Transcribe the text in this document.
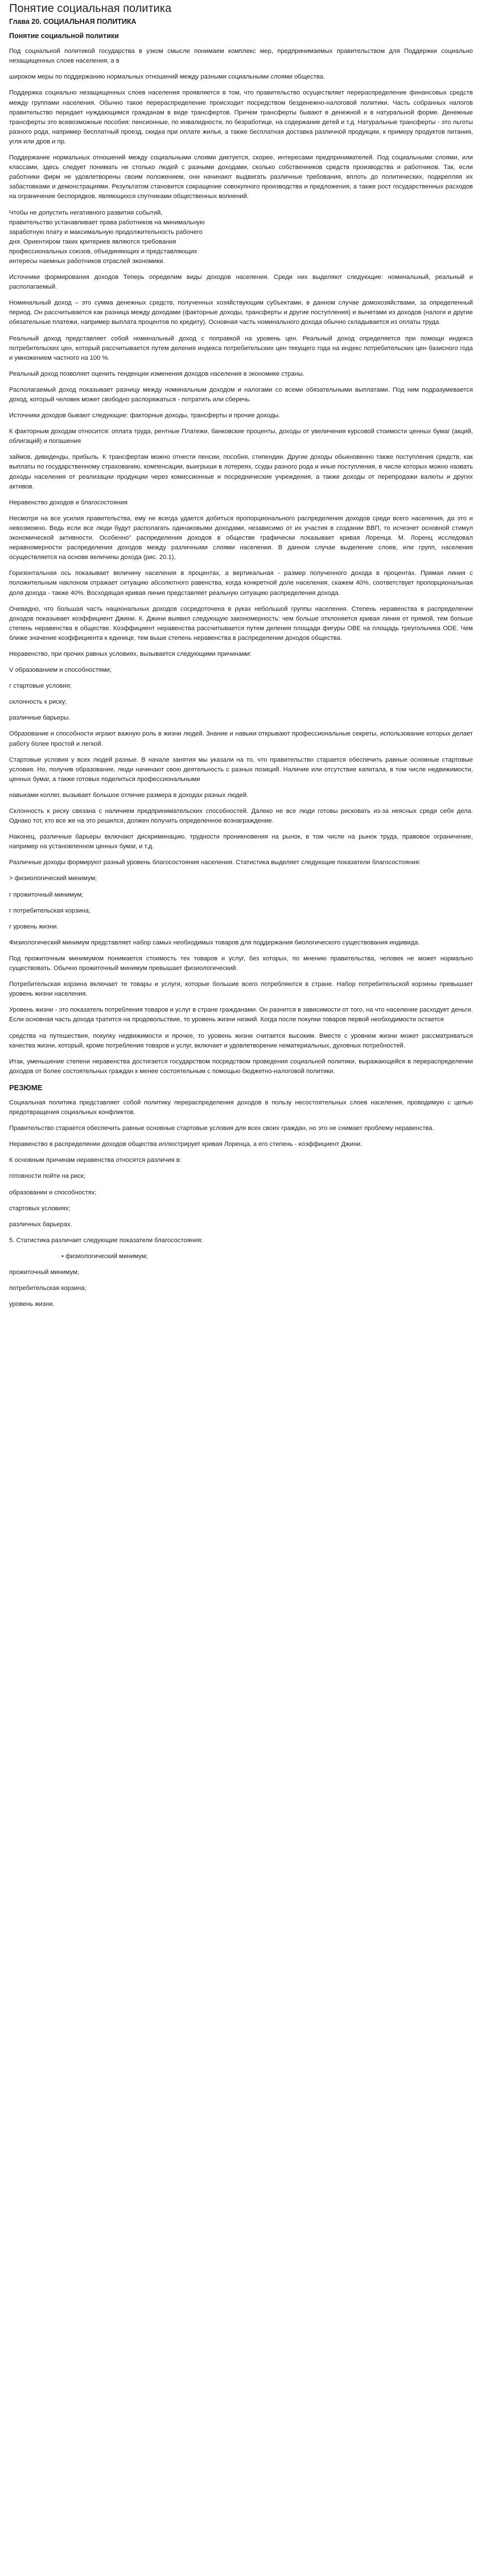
Понятие социальная политика
Глава 20. СОЦИАЛЬНАЯ ПОЛИТИКА
Понятие социальной политики

Под социальной политикой государства в узком смысле понимаем комплекс мер, предпринимаемых правительством для Поддержки социально незащищенных слоев населения, а в

широком меры по поддержанию нормальных отношений между разными социальными слоями общества.

Поддержка социально незащищенных слоев населения проявляется в том, что правительство осуществляет перераспределение финансовых средств между группами населения. Обычно такое перераспределение происходит посредством безденежно-налоговой политики. Часть собранных налогов правительство передает нуждающимся гражданам в виде трансфертов. Причем трансферты бывают в денежной и в натуральной форме. Денежные трансферты это всевозможные пособия: пенсионные, по инвалидности, по безработице, на содержание детей и т.д. Натуральные трансферты - это льготы разного рода, например бесплатный проезд, скидка при оплате жилья, а также бесплатная доставка различной продукции, к примеру продуктов питания, угля или дров и пр.

Поддержание нормальных отношений между социальными слоями диктуется, скорее, интересами предпринимателей. Под социальными слоями, или классами, здесь следует понимать не столько людей с разными доходами, сколько собственников средств производства и работников. Так, если работники фирм не удовлетворены своим положением, они начинают выдвигать различные требования, вплоть до политических, подкрепляя их забастовками и демонстрациями. Результатом становится сокращение совокупного производства и предложения, а также рост государственных расходов на ограничение беспорядков, являющихся спутниками общественных волнений.

Чтобы не допустить негативного развития событий,
правительство устанавливает права работников на минимальную
заработную плату и максимальную продолжительность рабочего
дня. Ориентиром таких критериев являются требования
профессиональных союзов, объединяющих и представляющих
интересы наемных работников отраслей экономики.

Источники формирования доходов Теперь определим виды доходов населения. Среди них выделяют следующие: номинальный, реальный и располагаемый.

Номинальный доход – это сумма денежных средств, полученных хозяйствующим субъектами, в данном случае домохозяйствами, за определенный период. Он рассчитывается как разница между доходами (факторные доходы, трансферты и другие поступления) и вычетами из доходов (налоги и другие обязательные платежи, например выплата процентов по кредиту). Основная часть номинального дохода обычно складывается из оплаты труда.

Реальный доход представляет собой номинальный доход с поправкой на уровень цен. Реальный доход определяется при помощи индекса потребительских цен, который рассчитывается путем деления индекса потребительских цен текущего года на индекс потребительских цен базисного года и умножением частного на 100 %.

Реальный доход позволяет оценить тенденции изменения доходов населения в экономике страны.

Располагаемый доход показывает разницу между номинальным доходом и налогами со всеми обязательными выплатами. Под ним подразумевается доход, который человек может свободно распоряжаться - потратить или сберечь.

Источники доходов бывают следующие: факторные доходы, трансферты и прочие доходы.

К факторным доходам относится: оплата труда, рентные Платежи, банковские проценты, доходы от увеличения курсовой стоимости ценных бумаг (акций, облигаций) и погашения

займов, дивиденды, прибыль. К трансфертам можно отнести пенсии, пособия, стипендии. Другие доходы обыкновенно также поступления средств, как выплаты по государственному страхованию, компенсации, выигрыши в лотереях, ссуды разного рода и иные поступления, в числе которых можно назвать доходы населения от реализации продукции через комиссионные и посреднические учреждения, а также доходы от перепродажи валюты и других активов.

Неравенство доходов и благосостояния

Несмотря на все усилия правительства, ему не всегда удается добиться пропорционального распределения доходов среди всего населения, да это и невозможно. Ведь если все люди будут располагать одинаковыми доходами, независимо от их участия в создании ВВП, то исчезнет основной стимул экономической активности. Особенно" распределения доходов в обществе графически показывает кривая Лоренца. М. Лоренц исследовал неравномерности распределения доходов между различными слоями населения. В данном случае выделение слоев, или групп, населения осуществляется на основе величины дохода (рис. 20.1),

Горизонтальная ось показывает величину населения в процентах, а вертикальная - размер полученного дохода в процентах. Прямая линия с положительным наклоном отражает ситуацию абсолютного равенства, когда конкретной доле населения, скажем 40%, соответствует пропорциональная доля дохода - также 40%. Восходящая кривая линия представляет реальную ситуацию распределения дохода.

Очевидно, что большая часть национальных доходов сосредоточена в руках небольшой группы населения. Степень неравенства в распределении доходов показывает коэффициент Джини. К. Джини выявил следующую закономерность: чем больше отклоняется кривая линия от прямой, тем больше степень неравенства в обществе. Коэффициент неравенства рассчитывается путем деления площади фигуры OBE на площадь треугольника ODE. Чем ближе значение коэффициента к единице, тем выше степень неравенства в распределении доходов общества.

Неравенство, при прочих равных условиях, вызывается следующими причинами:

V образованием и способностями;
г стартовые условия;
склонность к риску;
различные барьеры.

Образование и способности играют важную роль в жизни людей. Знание и навыки открывают профессиональные секреты, использование которых делает работу более простой и легкой.

Стартовые условия у всех людей разные. В начале занятия мы указали на то, что правительство старается обеспечить равные основные стартовые условия. Но, получив образование, люди начинают свою деятельность с разных позиций. Наличие или отсутствие капитала, в том числе недвижимости, ценных бумаг, а также готовых поделиться профессиональными

навыками коллег, вызывает большое отличие размера в доходах разных людей.

Склонность к риску связана с наличием предпринимательских способностей. Далеко не все люди готовы рисковать из-за неясных среди себя дела. Однако тот, кто все же на это решился, должен получить определенное вознаграждение.

Наконец, различные барьеры включают дискриминацию, трудности проникновения на рынок, в том числе на рынок труда, правовое ограничение, например на установленном ценных бумаг, и т.д.

Различные доходы формируют разный уровень благосостояния населения. Статистика выделяет следующие показатели благосостояния:

> физиологический минимум;
г прожиточный минимум;
г потребительская корзина;
г уровень жизни.

Физиологический минимум представляет набор самых необходимых товаров для поддержания биологического существования индивида.

Под прожиточным минимумом понимается стоимость тех товаров и услуг, без которых, по мнению правительства, человек не может нормально существовать. Обычно прожиточный минимум превышает физиологический.

Потребительская корзина включает те товары и услуги, которые большие всего потребляются в стране. Набор потребительской корзины превышает уровень жизни населения.

Уровень жизни - это показатель потребления товаров и услуг в стране гражданами. Он разнится в зависимости от того, на что население расходует деньги. Если основная часть дохода тратится на продовольствие, то уровень жизни низкий. Когда после покупки товаров первой необходимости остается

средства на путешествия, покупку недвижимости и прочее, то уровень жизни считается высоким. Вместе с уровнем жизни может рассматриваться качества жизни, который, кроме потребления товаров и услуг, включает и удовлетворение нематериальных, духовных потребностей.

Итак, уменьшение степени неравенства достигается государством посредством проведения социальной политики, выражающейся в перераспределении доходов от более состоятельных граждан к менее состоятельным с помощью бюджетно-налоговой политики.

РЕЗЮМЕ

Социальная политика представляет собой политику перераспределения доходов в пользу несостоятельных слоев населения, проводимую с целью предотвращения социальных конфликтов.

Правительство старается обеспечить равные основные стартовые условия для всех своих граждан, но это не снимает проблему неравенства.

Неравенство в распределении доходов общества иллюстрирует кривая Лоренца, а его степень - коэффициент Джини.

К основным причинам неравенства относятся различия в:

готовности пойти на риск;
образовании и способностях;
стартовых условиях;
различных барьерах.
5. Статистика различает следующие показатели благосостояния:
• физиологический минимум;
прожиточный минимум;
потребительская корзина;
уровень жизни.
